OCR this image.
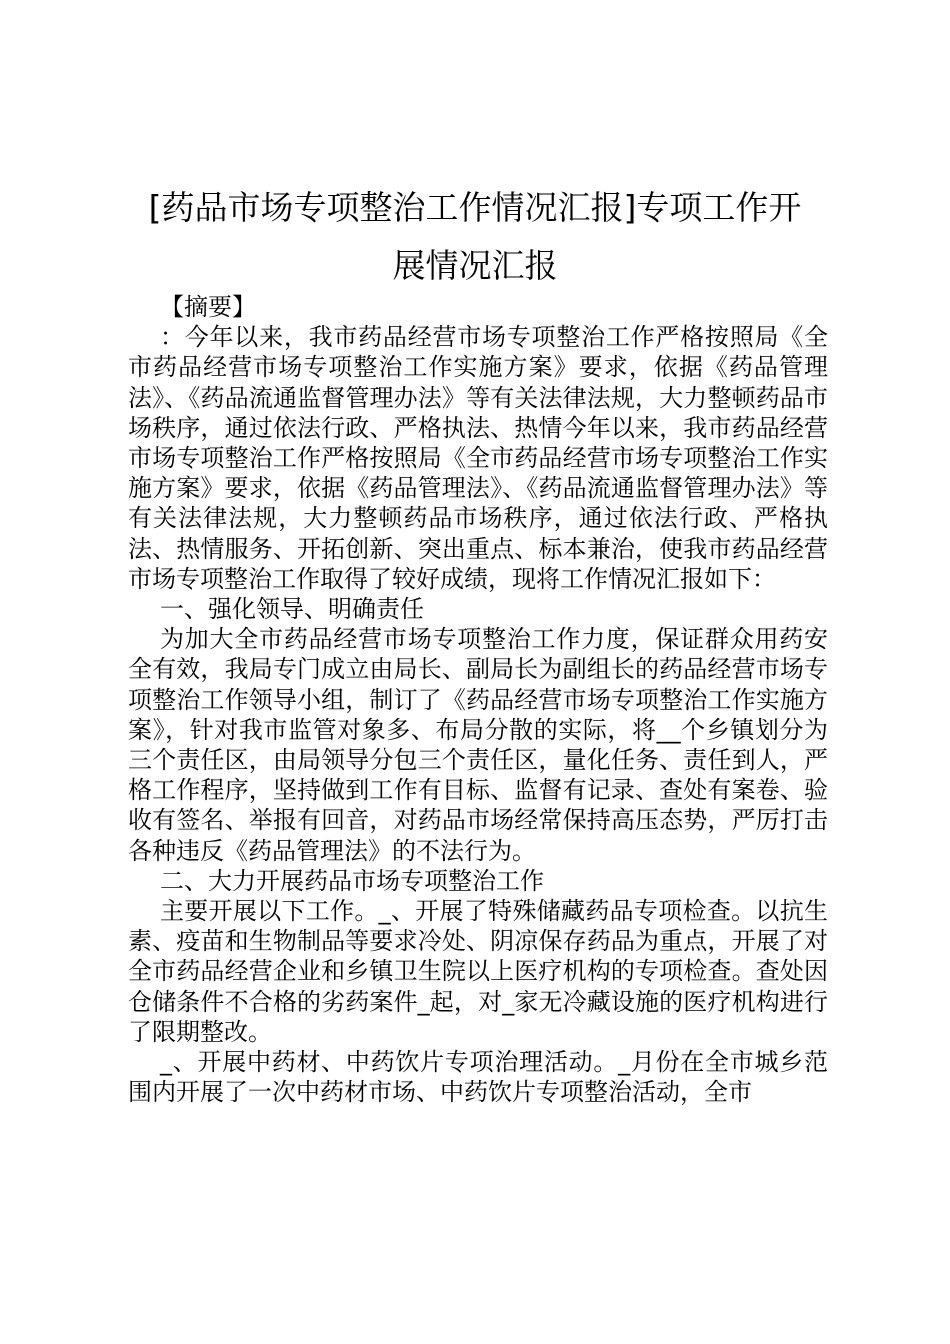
[药品市场专项整治工作情况汇报]专项工作开
展情况汇报

【摘要】

：今年以来，我市药品经营市场专项整治工作严格按照局《全市药品经营市场专项整治工作实施方案》要求，依据《药品管理法》、《药品流通监督管理办法》等有关法律法规，大力整顿药品市场秩序，通过依法行政、严格执法、热情今年以来，我市药品经营市场专项整治工作严格按照局《全市药品经营市场专项整治工作实施方案》要求，依据《药品管理法》、《药品流通监督管理办法》等有关法律法规，大力整顿药品市场秩序，通过依法行政、严格执法、热情服务、开拓创新、突出重点、标本兼治，使我市药品经营市场专项整治工作取得了较好成绩，现将工作情况汇报如下：

一、强化领导、明确责任

为加大全市药品经营市场专项整治工作力度，保证群众用药安全有效，我局专门成立由局长、副局长为副组长的药品经营市场专项整治工作领导小组，制订了《药品经营市场专项整治工作实施方案》，针对我市监管对象多、布局分散的实际，将__个乡镇划分为三个责任区，由局领导分包三个责任区，量化任务、责任到人，严格工作程序，坚持做到工作有目标、监督有记录、查处有案卷、验收有签名、举报有回音，对药品市场经常保持高压态势，严厉打击各种违反《药品管理法》的不法行为。

二、大力开展药品市场专项整治工作

主要开展以下工作。_、开展了特殊储藏药品专项检查。以抗生素、疫苗和生物制品等要求冷处、阴凉保存药品为重点，开展了对全市药品经营企业和乡镇卫生院以上医疗机构的专项检查。查处因仓储条件不合格的劣药案件_起，对_家无冷藏设施的医疗机构进行了限期整改。

_、开展中药材、中药饮片专项治理活动。_月份在全市城乡范围内开展了一次中药材市场、中药饮片专项整治活动，全市
